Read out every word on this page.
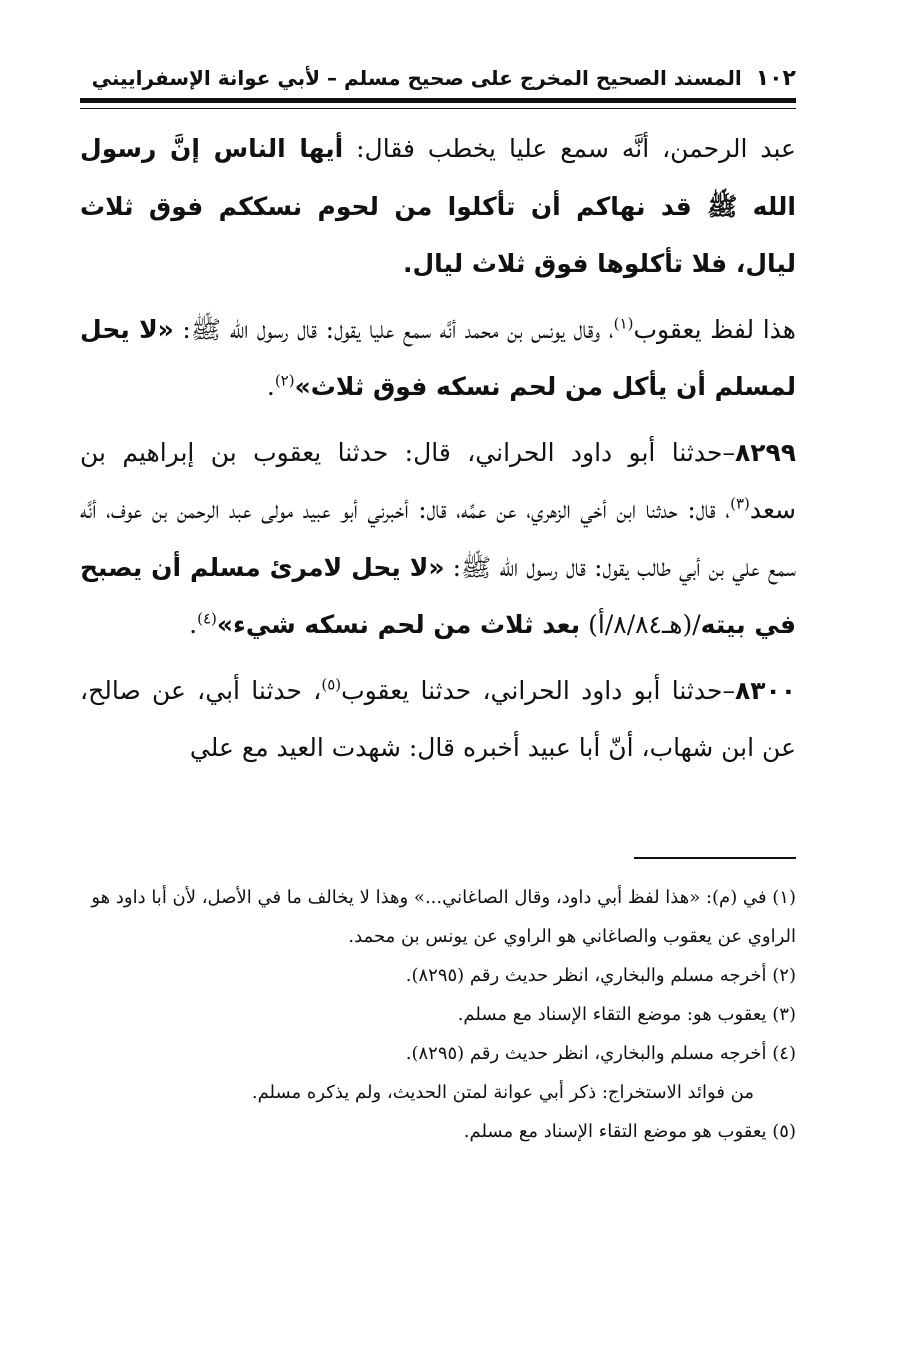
١٠٢
المسند الصحيح المخرج على صحيح مسلم – لأبي عوانة الإسفراييني

عبد الرحمن، أنَّه سمع عليا يخطب فقال: أيها الناس إنَّ رسول الله ﷺ قد نهاكم أن تأكلوا من لحوم نسككم فوق ثلاث ليال، فلا تأكلوها فوق ثلاث ليال.

هذا لفظ يعقوب$^{(١)}$، وقال يونس بن محمد أنَّه سمع عليا يقول: قال رسول الله ﷺ: «لا يحل لمسلم أن يأكل من لحم نسكه فوق ثلاث»$^{(٢)}$.

٨٢٩٩–حدثنا أبو داود الحراني، قال: حدثنا يعقوب بن إبراهيم بن سعد$^{(٣)}$، قال: حدثنا ابن أخي الزهري، عن عمِّه، قال: أخبرني أبو عبيد مولى عبد الرحمن بن عوف، أنَّه سمع علي بن أبي طالب يقول: قال رسول الله ﷺ: «لا يحل لامرئ مسلم أن يصبح في بيته/(هـ٨/٨٤/أ) بعد ثلاث من لحم نسكه شيء»$^{(٤)}$.

٨٣٠٠–حدثنا أبو داود الحراني، حدثنا يعقوب$^{(٥)}$، حدثنا أبي، عن صالح، عن ابن شهاب، أنّ أبا عبيد أخبره قال: شهدت العيد مع علي

(١) في (م): «هذا لفظ أبي داود، وقال الصاغاني...» وهذا لا يخالف ما في الأصل، لأن أبا داود هو الراوي عن يعقوب والصاغاني هو الراوي عن يونس بن محمد.

(٢) أخرجه مسلم والبخاري، انظر حديث رقم (٨٢٩٥).

(٣) يعقوب هو: موضع التقاء الإسناد مع مسلم.

(٤) أخرجه مسلم والبخاري، انظر حديث رقم (٨٢٩٥).

من فوائد الاستخراج: ذكر أبي عوانة لمتن الحديث، ولم يذكره مسلم.

(٥) يعقوب هو موضع التقاء الإسناد مع مسلم.
